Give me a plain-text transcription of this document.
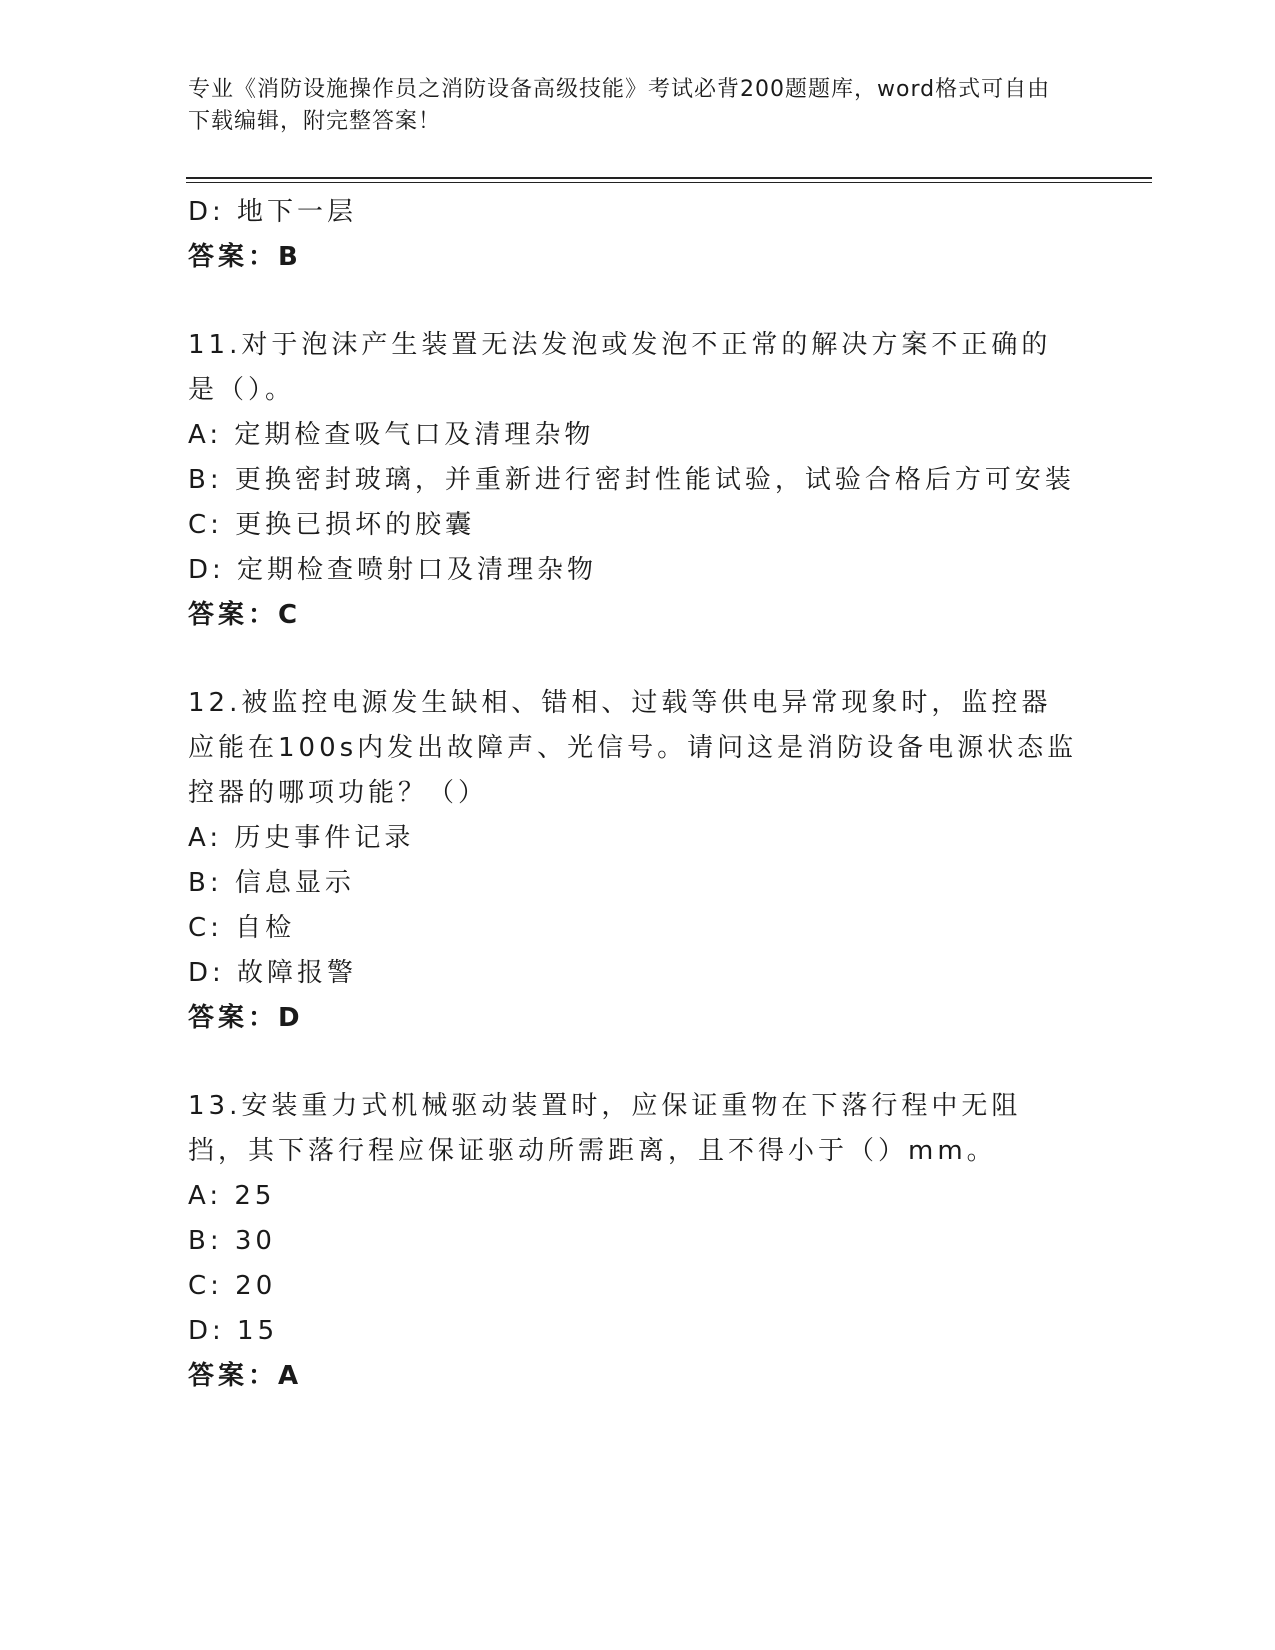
专业《消防设施操作员之消防设备高级技能》考试必背200题题库，word格式可自由下载编辑，附完整答案！
D: 地下一层
答案：B
11.对于泡沫产生装置无法发泡或发泡不正常的解决方案不正确的是（）。
A: 定期检查吸气口及清理杂物
B: 更换密封玻璃，并重新进行密封性能试验，试验合格后方可安装
C: 更换已损坏的胶囊
D: 定期检查喷射口及清理杂物
答案：C
12.被监控电源发生缺相、错相、过载等供电异常现象时，监控器应能在100s内发出故障声、光信号。请问这是消防设备电源状态监控器的哪项功能？（）
A: 历史事件记录
B: 信息显示
C: 自检
D: 故障报警
答案：D
13.安装重力式机械驱动装置时，应保证重物在下落行程中无阻挡，其下落行程应保证驱动所需距离，且不得小于（）mm。
A: 25
B: 30
C: 20
D: 15
答案：A
